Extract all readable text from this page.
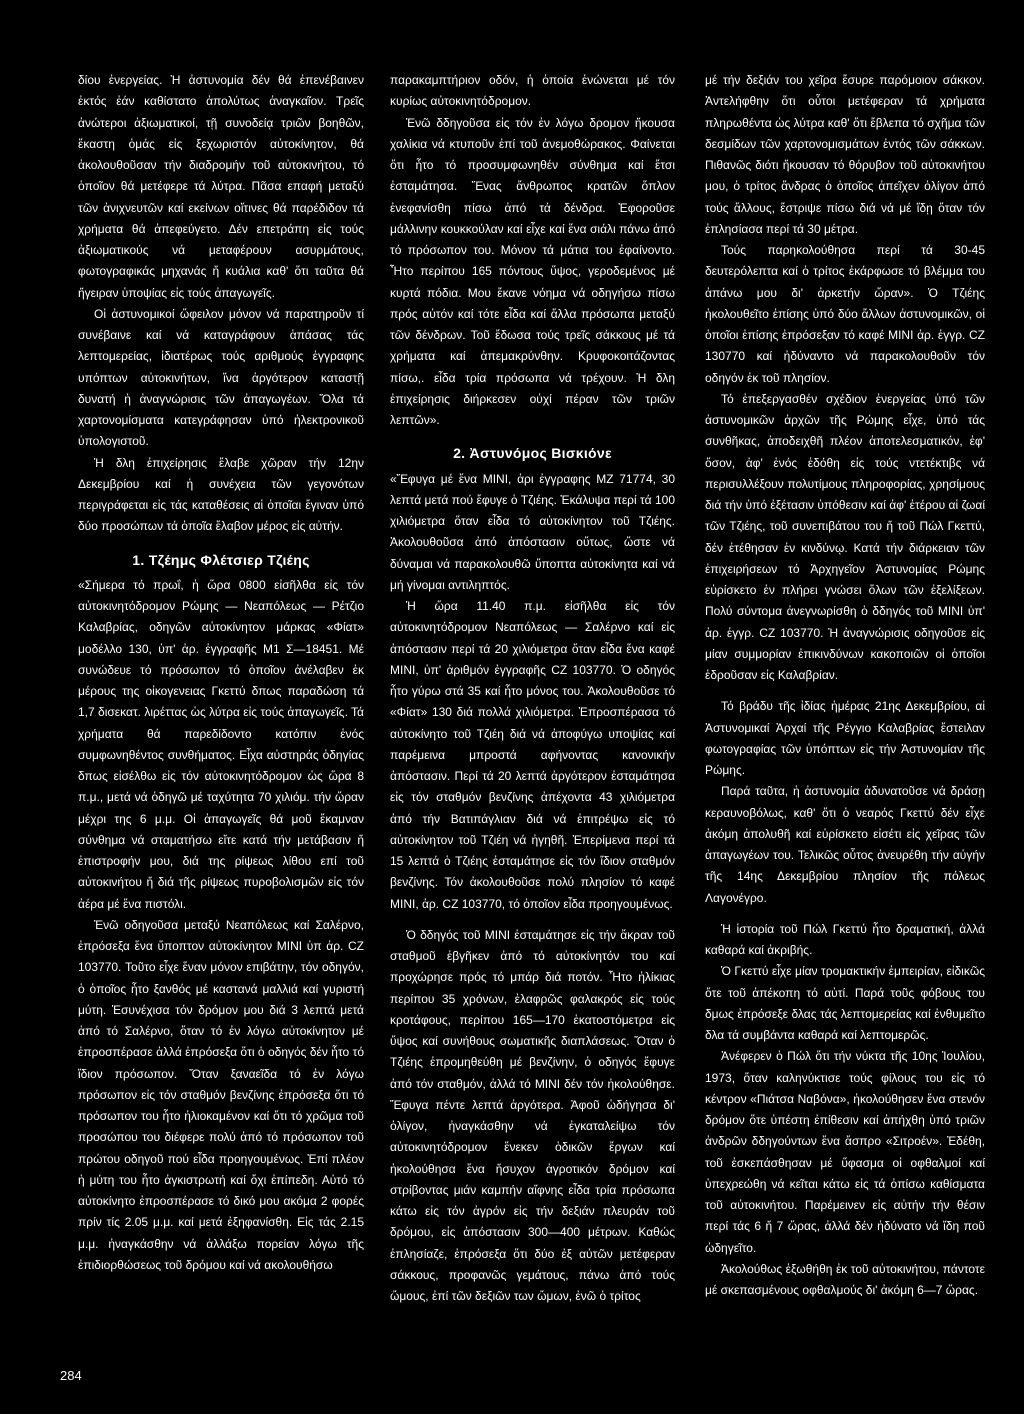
δίου ἐνεργείας. Ἡ ἀστυνομία δέν θά ἐπενέβαινεν ἐκτός ἐάν καθίστατο ἀπολύτως ἀναγκαῖον. Τρεῖς ἀνώτεροι ἀξιωματικοί, τῇ συνοδείᾳ τριῶν βοηθῶν, ἕκαστη ὁμάς εἰς ξεχωριστόν αὐτοκίνητον, θά ἀκολουθοῦσαν τήν διαδρομήν τοῦ αὐτοκινήτου, τό ὁποῖον θά μετέφερε τά λύτρα. Πᾶσα επαφή μεταξύ τῶν ἀνιχνευτῶν καί εκείνων οἵτινες θά παρέδιδον τά χρήματα θά ἀπεφεύγετο. Δέν επετράπη εἰς τούς ἀξιωματικούς νά μεταφέρουν ασυρμάτους, φωτογραφικάς μηχανάς ἤ κυάλια καθ' ὅτι ταῦτα θά ἤγειραν ὑποψίας εἰς τούς ἀπαγωγεῖς.

Οἱ ἀστυνομικοί ὤφειλον μόνον νά παρατηροῦν τί συνέβαινε καί νά καταγράφουν ἁπάσας τάς λεπτομερείας, ἰδιατέρως τούς αριθμούς ἐγγραφης υπόπτων αὐτοκινήτων, ἵνα ἀργότερον καταστῇ δυνατή ἡ ἀναγνώρισις τῶν ἀπαγωγέων. Ὅλα τά χαρτονομίσματα κατεγράφησαν ὑπό ἠλεκτρονικοῦ ὑπολογιστοῦ.

Ἡ δλη ἐπιχείρησις ἔλαβε χῶραν τήν 12ην Δεκεμβρίου καί ἡ συνέχεια τῶν γεγονότων περιγράφεται εἰς τάς καταθέσεις αἱ ὁποῖαι ἔγιναν ὑπό δύο προσώπων τά ὁποῖα ἔλαβον μέρος εἰς αὐτήν.

1. Τζέημς Φλέτσιερ Τζιέης

«Σήμερα τό πρωΐ, ἡ ὥρα 0800 εἰσῆλθα εἰς τόν αὐτοκινητόδρομον Ρώμης — Νεαπόλεως — Ρέτζιο Καλαβρίας, οδηγῶν αὐτοκίνητον μάρκας «Φίατ» μοδέλλο 130, ὑπ' ἀρ. ἐγγραφῆς Μ1 Σ—18451. Μέ συνώδευε τό πρόσωπον τό ὁποῖον ἀνέλαβεν ἐκ μέρους της οἰκογενειας Γκεττύ δπως παραδώση τά 1,7 δισεκατ. λιρέττας ὡς λύτρα εἰς τούς ἀπαγωγεῖς. Τά χρήματα θά παρεδίδοντο κατόπιν ἑνός συμφωνηθέντος συνθήματος. Εἶχα αὐστηράς ὁδηγίας δπως εἰσέλθω εἰς τόν αὐτοκινητόδρομον ὡς ὥρα 8 π.μ., μετά νά ὁδηγῶ μέ ταχύτητα 70 χιλιόμ. τήν ὥραν μέχρι της 6 μ.μ. Οἱ ἀπαγωγεῖς θά μοῦ ἔκαμναν σύνθημα νά σταματήσω εἴτε κατά τήν μετάβασιν ἤ ἐπιστροφήν μου, διά της ρίψεως λίθου επί τοῦ αὐτοκινήτου ἤ διά τῆς ρίψεως πυροβολισμῶν εἰς τόν ἀέρα μέ ἕνα πιστόλι.

Ἐνῶ οδηγοῦσα μεταξύ Νεαπόλεως καί Σαλέρνο, ἐπρόσεξα ἕνα ὕποπτον αὐτοκίνητον MINI ὑπ ἀρ. CZ 103770. Τοῦτο εἶχε ἕναν μόνον επιβάτην, τόν οδηγόν, ὁ ὁποῖος ἦτο ξανθός μέ καστανά μαλλιά καί γυριστή μύτη. Ἐσυνέχισα τόν δρόμον μου διά 3 λεπτά μετά ἀπό τό Σαλέρνο, ὅταν τό ἐν λόγω αὐτοκίνητον μέ ἐπροσπέρασε ἀλλά ἐπρόσεξα ὅτι ὁ οδηγός δέν ἦτο τό ἴδιον πρόσωπον. Ὅταν ξαναεῖδα τό ἐν λόγω πρόσωπον εἰς τόν σταθμόν βενζίνης ἐπρόσεξα ὅτι τό πρόσωπον του ἦτο ἠλιοκαμένον καί ὅτι τό χρῶμα τοῦ προσώπου του διέφερε πολύ ἀπό τό πρόσωπον τοῦ πρώτου οδηγοῦ πού εἶδα προηγουμένως. Ἐπί πλέον ἡ μύτη του ἦτο ἀγκιστρωτή καί ὄχι ἐπίπεδη. Αὐτό τό αὐτοκίνητο ἐπροσπέρασε τό δικό μου ακόμα 2 φορές πρίν τίς 2.05 μ.μ. καί μετά ἐξηφανίσθη. Εἰς τάς 2.15 μ.μ. ἠναγκάσθην νά ἀλλάξω πορείαν λόγω τῆς ἐπιδιορθώσεως τοῦ δρόμου καί νά ακολουθήσω

παρακαμπτήριον οδόν, ἡ ὁποία ἑνώνεται μέ τόν κυρίως αὐτοκινητόδρομον.

Ἐνῶ δδηγοῦσα εἰς τόν ἐν λόγω δρομον ἤκουσα χαλίκια νά κτυποῦν ἐπί τοῦ ἀνεμοθώρακος. Φαίνεται ὅτι ἦτο τό προσυμφωνηθέν σύνθημα καί ἔτσι ἐσταμάτησα. Ἕνας ἄνθρωπος κρατῶν ὅπλον ἐνεφανίσθη πίσω ἀπό τά δένδρα. Ἐφοροῦσε μάλλινην κουκκούλαν καί εἶχε καί ἕνα σιάλι πάνω ἀπό τό πρόσωπον του. Μόνον τά μάτια του ἐφαίνοντο. Ἦτο περίπου 165 πόντους ὕψος, γεροδεμένος μέ κυρτά πόδια. Μου ἔκανε νόημα νά οδηγήσω πίσω πρός αὐτόν καί τότε εἶδα καί ἄλλα πρόσωπα μεταξύ τῶν δένδρων. Τοῦ ἔδωσα τούς τρεῖς σάκκους μέ τά χρήματα καί ἀπεμακρύνθην. Κρυφοκοιτάζοντας πίσω,. εἶδα τρία πρόσωπα νά τρέχουν. Ἡ δλη ἐπιχείρησις διήρκεσεν οὐχί πέραν τῶν τριῶν λεπτῶν».

2. Ἀστυνόμος Βισκιόνε

«Ἔφυγα μέ ἕνα MINI, ἀρι ἐγγραφης MZ 71774, 30 λεπτά μετά πού ἔφυγε ὁ Τζιέης. Ἐκάλυψα περί τά 100 χιλιόμετρα ὅταν εἶδα τό αὐτοκίνητον τοῦ Τζιέης. Ἀκολουθοῦσα ἀπό ἀπόστασιν οὕτως, ὥστε νά δύναμαι νά παρακολουθῶ ὕποπτα αὐτοκίνητα καί νά μή γίνομαι αντιληπτός.

Ἡ ὥρα 11.40 π.μ. εἰσῆλθα εἰς τόν αὐτοκινητόδρομον Νεαπόλεως — Σαλέρνο καί εἰς ἀπόστασιν περί τά 20 χιλιόμετρα ὅταν εἶδα ἕνα καφέ MINI, ὑπ' ἀριθμόν ἐγγραφῆς CZ 103770. Ὁ οδηγός ἦτο γύρω στά 35 καί ἦτο μόνος του. Ἀκολουθοῦσε τό «Φίατ» 130 διά πολλά χιλιόμετρα. Ἐπροσπέρασα τό αὐτοκίνητο τοῦ Τζιέη διά νά ἀποφύγω υποψίας καί παρέμεινα μπροστά αφήνοντας κανονικήν ἀπόστασιν. Περί τά 20 λεπτά ἀργότερον ἐσταμάτησα εἰς τόν σταθμόν βενζίνης ἀπέχοντα 43 χιλιόμετρα ἀπό τήν Βατιπάγλιαν διά νά ἐπιτρέψω εἰς τό αὐτοκίνητον τοῦ Τζιέη νά ἠγηθῆ. Ἐπερίμενα περί τά 15 λεπτά ὁ Τζιέης ἐσταμάτησε εἰς τόν ἴδιον σταθμόν βενζίνης. Τόν ἀκολουθοῦσε πολύ πλησίον τό καφέ MINI, ἀρ. CZ 103770, τό ὁποῖον εἶδα προηγουμένως.

Ὁ δδηγός τοῦ MINI ἐσταμάτησε εἰς τήν ἄκραν τοῦ σταθμοῦ ἐβγῆκεν ἀπό τό αὐτοκίνητόν του καί προχώρησε πρός τό μπάρ διά ποτόν. Ἦτο ἡλίκιας περίπου 35 χρόνων, ἐλαφρῶς φαλακρός εἰς τούς κροτάφους, περίπου 165—170 ἑκατοστόμετρα εἰς ὕψος καί συνήθους σωματικῆς διαπλάσεως. Ὅταν ὁ Τζιέης ἐπρομηθεύθη μέ βενζίνην, ὁ οδηγός ἔφυγε ἀπό τόν σταθμόν, ἀλλά τό MINI δέν τόν ἠκολούθησε. Ἔφυγα πέντε λεπτά ἀργότερα. Ἀφοῦ ὡδήγησα δι' ὀλίγον, ἠναγκάσθην νά ἐγκαταλείψω τόν αὐτοκινητόδρομον ἕνεκεν ὁδικῶν ἔργων καί ἠκολούθησα ἕνα ἥσυχον ἀγροτικόν δρόμον καί στρίβοντας μιάν καμπήν αἴφνης εἶδα τρία πρόσωπα κάτω εἰς τόν ἀγρόν εἰς τήν δεξιάν πλευράν τοῦ δρόμου, εἰς ἀπόστασιν 300—400 μέτρων. Καθώς ἐπλησίαζε, ἐπρόσεξα ὅτι δύο ἐξ αὐτῶν μετέφεραν σάκκους, προφανῶς γεμάτους, πάνω ἀπό τούς ὤμους, ἐπί τῶν δεξιῶν των ὤμων, ἐνῶ ὁ τρίτος

μέ τήν δεξιάν του χεῖρα ἔσυρε παρόμοιον σάκκον. Ἀντελήφθην ὅτι οὗτοι μετέφεραν τά χρήματα πληρωθέντα ὡς λύτρα καθ' ὅτι ἔβλεπα τό σχῆμα τῶν δεσμίδων τῶν χαρτονομισμάτων ἐντός τῶν σάκκων. Πιθανῶς διότι ἤκουσαν τό θόρυβον τοῦ αὐτοκινήτου μου, ὁ τρίτος ἄνδρας ὁ ὁποῖος ἀπεῖχεν ὀλίγον ἀπό τούς ἄλλους, ἔστριψε πίσω διά νά μέ ἴδῃ ὅταν τόν ἐπλησίασα περί τά 30 μέτρα.

Τούς παρηκολούθησα περί τά 30-45 δευτερόλεπτα καί ὁ τρίτος ἐκάρφωσε τό βλέμμα του ἀπάνω μου δι' ἀρκετήν ὥραν». Ὁ Τζιέης ἠκολουθεῖτο ἐπίσης ὑπό δύο ἄλλων ἀστυνομικῶν, οἱ ὁποῖοι ἐπίσης ἐπρόσεξαν τό καφέ MINI ἀρ. ἐγγρ. CZ 130770 καί ἠδύναντο νά παρακολουθοῦν τόν οδηγόν ἐκ τοῦ πλησίον.

Τό ἐπεξεργασθέν σχέδιον ἐνεργείας ὑπό τῶν ἀστυνομικῶν ἀρχῶν τῆς Ρώμης εἶχε, ὑπό τάς συνθῆκας, ἀποδειχθῆ πλέον ἀποτελεσματικόν, ἐφ' ὅσον, ἀφ' ἑνός ἐδόθη εἰς τούς ντετέκτιβς νά περισυλλέξουν πολυτίμους πληροφορίας, χρησίμους διά τήν ὑπό ἐξέτασιν ὑπόθεσιν καί ἀφ' ἑτέρου αἱ ζωαί τῶν Τζιέης, τοῦ συνεπιβάτου του ἤ τοῦ Πώλ Γκεττύ, δέν ἐτέθησαν ἐν κινδύνῳ. Κατά τήν διάρκειαν τῶν ἐπιχειρήσεων τό Ἀρχηγεῖον Ἀστυνομίας Ρώμης εὑρίσκετο ἐν πλήρει γνώσει ὅλων τῶν ἐξελίξεων. Πολύ σύντομα ἀνεγνωρίσθη ὁ δδηγός τοῦ MINI ὑπ' ἀρ. ἐγγρ. CZ 103770. Ἡ ἀναγνώρισις οδηγοῦσε εἰς μίαν συμμορίαν ἐπικινδύνων κακοποιῶν οἱ ὁποῖοι ἑδροῦσαν εἰς Καλαβρίαν.

Τό βράδυ τῆς ἰδίας ἡμέρας 21ης Δεκεμβρίου, αἱ Ἀστυνομικαί Ἀρχαί τῆς Ρέγγιο Καλαβρίας ἔστειλαν φωτογραφίας τῶν ὑπόπτων εἰς τήν Ἀστυνομίαν τῆς Ρώμης.

Παρά ταῦτα, ἡ ἀστυνομία ἀδυνατοῦσε νά δράσῃ κεραυνοβόλως, καθ' ὅτι ὁ νεαρός Γκεττύ δέν εἶχε ἀκόμη ἀπολυθῆ καί εὑρίσκετο εἰσέτι εἰς χεῖρας τῶν ἀπαγωγέων του. Τελικῶς οὗτος ἀνευρέθη τήν αὐγήν τῆς 14ης Δεκεμβρίου πλησίον τῆς πόλεως Λαγονέγρο.

Ἡ ἱστορία τοῦ Πώλ Γκεττύ ἦτο δραματική, ἀλλά καθαρά καί ἀκριβής.

Ὁ Γκεττύ εἶχε μίαν τρομακτικήν ἐμπειρίαν, εἰδικῶς ὅτε τοῦ ἀπέκοπη τό αὐτί. Παρά τοῦς φόβους του δμως ἐπρόσεξε δλας τάς λεπτομερείας καί ἐνθυμεῖτο δλα τά συμβάντα καθαρά καί λεπτομερῶς.

Ἀνέφερεν ὁ Πώλ ὅτι τήν νύκτα τῆς 10ης Ἰουλίου, 1973, ὅταν καληνύκτισε τούς φίλους του εἰς τό κέντρον «Πιάτσα Ναβόνα», ἠκολούθησεν ἕνα στενόν δρόμον ὅτε ὑπέστη ἐπίθεσιν καί ἀπήχθη ὑπό τριῶν ἀνδρῶν δδηγούντων ἕνα ἄσπρο «Σιτροέν». Ἐδέθη, τοῦ ἐσκεπάσθησαν μέ ὕφασμα οἱ οφθαλμοί καί ὑπεχρεώθη νά κεῖται κάτω εἰς τά ὀπίσω καθίσματα τοῦ αὐτοκινήτου. Παρέμεινεν εἰς αὐτήν τήν θέσιν περί τάς 6 ἤ 7 ὥρας, ἀλλά δέν ἠδύνατο νά ἴδη ποῦ ὡδηγεῖτο.

Ἀκολούθως ἐξωθήθη ἐκ τοῦ αὐτοκινήτου, πάντοτε μέ σκεπασμένους οφθαλμούς δι' ἀκόμη 6—7 ὥρας.

284
